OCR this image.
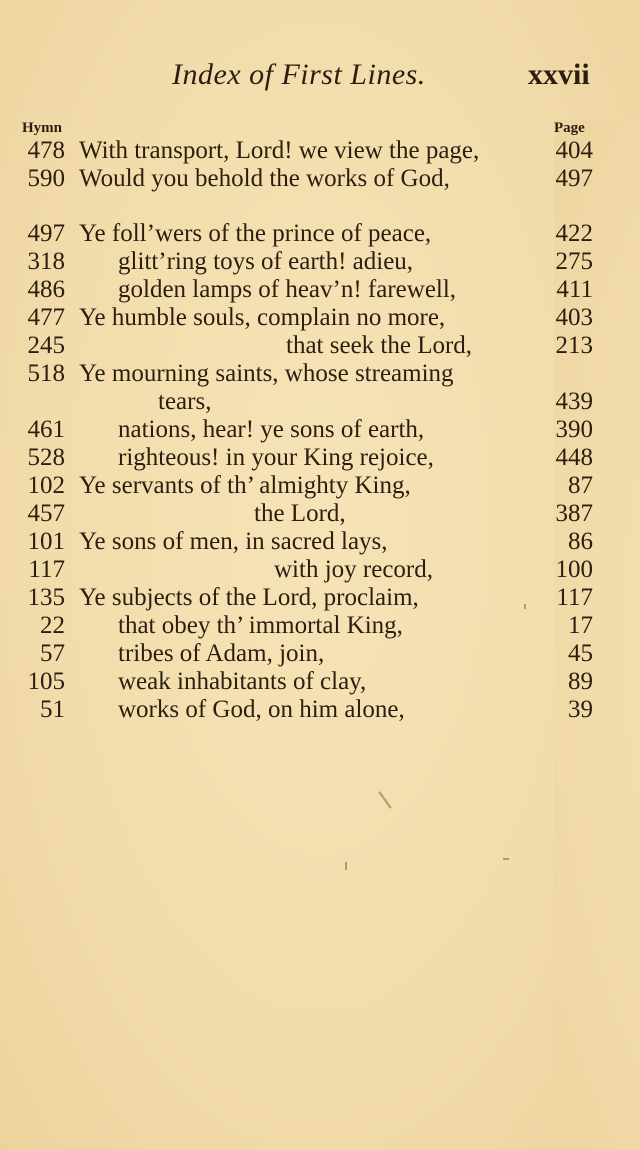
Index of First Lines.	xxvii
Hymn	Page
478 With transport, Lord! we view the page,	404
590 Would you behold the works of God,	497
497 Ye foll’wers of the prince of peace,	422
318 glitt’ring toys of earth! adieu,	275
486 golden lamps of heav’n! farewell,	411
477 Ye humble souls, complain no more,	403
245	that seek the Lord,	213
518 Ye mourning saints, whose streaming
tears,	439
461 nations, hear! ye sons of earth,	390
528 righteous! in your King rejoice,	448
102 Ye servants of th’ almighty King,	87
457	the Lord,	387
101 Ye sons of men, in sacred lays,	86
117	with joy record,	100
135 Ye subjects of the Lord, proclaim,	117
22 that obey th’ immortal King,	17
57 tribes of Adam, join,	45
105 weak inhabitants of clay,	89
51 works of God, on him alone,	39
